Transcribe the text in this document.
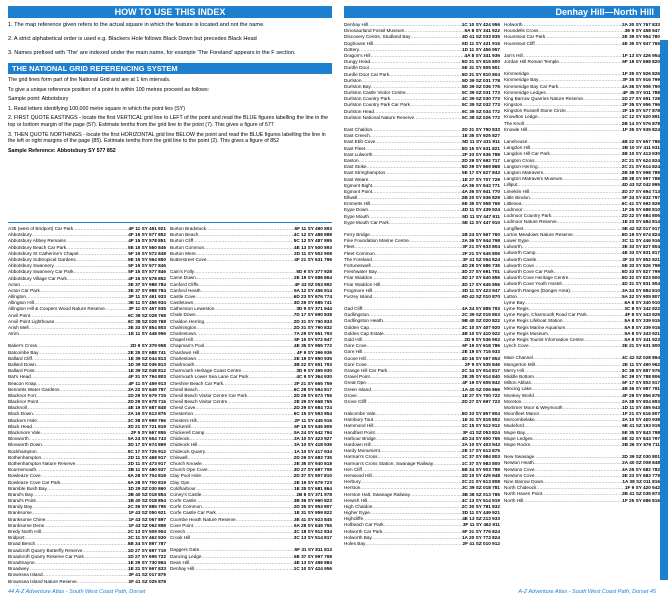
HOW TO USE THIS INDEX	Denhay Hill—North Hill
1. The map reference given refers to the actual square in which the feature is located and not the name.
2. A strict alphabetical order is used e.g. Blackers Hole follows Black Down but precedes Black Head
3. Names prefixed with 'The' are indexed under the main name, for example 'The Foreland' appears in the F section.
THE NATIONAL GRID REFERENCING SYSTEM

The grid lines form part of the National Grid and are at 1 km intervals.

To give a unique reference position of a point to within 100 metres proceed as follows:

Sample point: Abbotsbury

1. Read letters identifying 100,000 metre square in which the point lies (SY)

2. FIRST QUOTE EASTINGS - locate the first VERTICAL grid line to LEFT of the point and read the BLUE figures labelling the line in the top or bottom margin of the page (57). Estimate tenths from the grid line to the point (7). This gives a figure of 577

3. THEN QUOTE NORTHINGS - locate the first HORIZONTAL grid line BELOW the point and read the BLUE figures labelling the line in the left or right margins of the page (85). Estimate tenths from the grid line to the point (2). This gives a figure of 852

Sample Reference: Abbotsbury SY 577 852

A35 (west of Bridport) Car Park .....	4F 11 SY 451 921
Abbotsbury .....	4F 15 SY 577 852
Abbotsbury Abbey Remains .....	4F 15 SY 578 851
Abbotsbury Beach Car Park .....	5E 15 SY 560 846
Abbotsbury St Catherine's Chapel .....	5F 15 SY 572 848
Abbotsbury Subtropical Gardens .....	5E 15 SY 564 850
Abbotsbury Swannery .....	5F 15 SY 577 846
Abbotsbury Swannery Car Park .....	5F 15 SY 577 846
Abbotsbury Village Car Park .....	4F 15 SY 578 852
Acton .....	3E 37 SY 988 784
Acton Car Park .....	3E 37 SY 988 784
Allington .....	3F 11 SY 461 933
Allington Hill .....	3E 11 SY 456 934
Allington Hill & Coopers Wood Nature Reserve .....	3F 11 SY 457 935
Anvil Point .....	6C 38 SZ 028 768
Anvil Point Lighthouse .....	6C 38 SZ 028 768
Arish Mell .....	3E 33 SY 854 803
Atrim .....	1E 11 SY 448 956
Baker's Cross .....	2D 9 SY 379 958
Batcombe Bay .....	2E 25 SY 688 741
Ballard Cliff .....	1E 39 SZ 044 813
Ballard Down .....	1D 39 SZ 036 813
Ballard Point .....	1E 39 SZ 048 812
Bat's Head .....	4F 31 SY 794 803
Beacon Knap .....	4F 11 SY 459 913
Bennetts Water Gardens .....	3A 22 SY 649 797
Blacknor Fort .....	1D 29 SY 679 715
Blacknor Point .....	2D 29 SY 678 716
Blacknoll .....	4E 19 SY 687 848
Black Down .....	2A 16 SY 613 876
Blackers Hole .....	3C 38 SY 999 766
Black Head .....	3D 21 SY 721 819
Blackmore Vale .....	2F 5 SY 667 855
Bloxworth .....	5A 24 SY 654 743
Bloxworth Down .....	3D 17 SY 674 869
Bockhampton .....	5C 17 SY 725 912
Bothenhampton .....	2D 11 SY 468 917
Bothenhampton Nature Reserve .....	2D 11 SY 473 917
Bournemouth .....	3B 11 SY 480 937
Bowleaze Cove .....	6A 28 SY 704 818
Bowleaze Cove Car Park .....	6A 28 SY 700 819
Bramble Bush Bay .....	1D 29 SZ 030 860
Brand's Bay .....	2B 40 SZ 018 854
Brand's Point .....	1B 40 SZ 018 854
Brandy Bay .....	2C 36 SY 885 795
Branksome .....	1F 43 SZ 050 921
Branksome Chine .....	1F 43 SZ 067 897
Branksome Dene .....	1F 43 SZ 062 898
Bredy North Hill .....	2C 13 SY 509 904
Bridport .....	3C 11 SY 462 930
Broad Bench .....	5B 34 SY 897 787
Broadcroft Quarry Butterfly Reserve .....	1D 27 SY 697 719
Broadcroft Quarry Reserve Car Park .....	1D 27 SY 695 722
Broadmayne .....	1E 29 SY 730 864
Broadwey .....	1E 21 SY 667 833
Brownsea Island .....	3F 41 SZ 017 879
Brownsea Island Nature Reserve .....	2F 41 SZ 025 878
.....
Burton Bradstock .....	6F 11 SY 490 893
Burton Beach .....	4C 12 SY 488 888
Burton Cliff .....	5C 12 SY 487 895
Burton Common .....	4E 13 SY 500 893
Burton Mere .....	2D 11 SY 502 908
Butterstreet Cove .....	4F 21 SY 631 796
Cain's Folly .....	5D 9 SY 377 928
Came Down .....	2E 19 SY 686 864
Canford Cliffs .....	4F 43 SZ 053 892
Canford Heath .....	5A 12 SY 456 914
Castle Cove .....	6D 23 SY 676 774
Castletown .....	3D 29 SY 685 741
Catherston Leweston .....	3D 9 SY 371 944
Chale Down .....	7D 17 SY 690 838
Chaldon Herring .....	2D 31 SY 790 833
Chalmington .....	2D 31 SY 790 832
Charlestown .....	7A 29 SY 651 793
Chapel Hill .....	5F 15 SY 572 847
Chapman's Pool .....	4E 35 SY 955 772
Chardown Hill .....	4F 9 SY 396 936
Charlestown .....	2E 19 SY 890 935
Charlmouth .....	3B 22 SY 651 793
Charmouth Heritage Coast Centre .....	3D 9 SY 365 930
Charmouth Lower Sea Lane Car Park .....	4C 9 SY 364 930
Cheshire Beach Car Park .....	2F 21 SY 665 759
Chesil Beach .....	6C 28 SY 594 817
Chesil Beach Visitor Centre Car Park .....	2D 29 SY 673 755
Chesil Beach Visitor Centre .....	2E 29 SY 668 755
Chesil Cove .....	2D 29 SY 684 724
Chesterton .....	6C 15 SY 593 854
Chesters Hill .....	2F 11 SY 445 916
Chickerell .....	6F 15 SY 645 809
Chickerell Camp .....	5A 24 SY 642 794
Chideock .....	3A 10 SY 423 927
Chideock Hill .....	3A 10 SY 418 936
Chideock Quarry .....	1A 10 SY 417 934
Chiswell .....	2D 29 SY 683 735
Church Knowle .....	2E 35 SY 940 818
Church Ope Cove .....	3D 27 SY 697 709
Clay Pool Hole .....	2D 37 SY 907 810
Clay Ope .....	2E 19 SY 679 723
Coldharbour .....	1E 25 SY 681 864
Coney's Castle .....	2B 8 SY 371 978
Corfe Castle .....	3B 36 SY 960 823
Corfe Common .....	2D 35 SY 953 807
Corfe Castle Car Park .....	1E 31 SY 959 822
Coombe Heath Nature Reserve .....	3E 41 SY 923 845
Cove Point .....	6A 28 SY 649 755
Creech .....	3C 18 SY 912 834
Crook Hill .....	3C 13 SY 514 817
Daggers Gate .....	5F 31 SY 811 813
Dancing Ledge .....	6E 37 SY 997 768
Dean Hill .....	4E 13 SY 498 884
Denhay Hill .....	1C 10 SY 424 956
Denhay Hill .....	1C 10 SY 424 956
Dinosaurland Fossil Museum .....	5A 8 SY 341 922
Discovery Centre, Studland Bay .....	4D 41 SZ 033 835
Doghouse Hill .....	5D 11 SY 431 915
Dottery .....	1D 11 SY 456 957
Dragon's Hill .....	4A 8 SY 341 936
Dungy Head .....	5D 31 SY 815 800
Durdle Door .....	5E 31 SY 805 801
Durdle Door Car Park .....	5D 31 SY 810 804
Durlston .....	5D 39 SZ 031 778
Durlston Bay .....	5D 39 SZ 036 776
Durlston Castle Visitor Centre .....	5C 39 SZ 031 773
Durlston Country Park .....	4C 39 SZ 030 773
Durlston Country Park Car Park .....	5C 39 SZ 032 773
Durlston Head .....	6C 39 SZ 034 772
Durlston National Nature Reserve .....	5C 38 SZ 026 772
East Chaldon .....	2D 31 SY 790 833
East Creech .....	1E 35 SY 925 827
East Ebb Cove .....	5D 11 SY 431 911
East Fleet .....	5D 15 SY 631 821
East Lulworth .....	2F 33 SY 636 788
Easton .....	2D 29 SY 692 717
East Stoke .....	5D 39 SY 869 868
East Stringhampton .....	5E 17 SY 627 843
East Weare .....	1E 27 SY 707 729
Egmont Bight .....	4A 36 SY 943 771
Egmont Point .....	4A 36 SY 941 770
Ellwell .....	2B 20 SY 636 829
Emmetts Hill .....	6E 35 SY 958 769
Eype Down .....	4D 11 SY 439 924
Eype Mouth .....	5D 11 SY 447 911
Eype Mouth Car Park .....	5E 11 SY 447 910
Ferry Bridge .....	1B 24 SY 667 760
Fine Foundation Marine Centre .....	2A 36 SY 944 798
Fleet .....	3F 21 SY 633 804
Fleet Common .....	2F 21 SY 645 806
The Foreland .....	3F 41 SZ 054 824
Fortuneswell .....	4D 29 SY 686 735
Freshwater Bay .....	3D 27 SY 691 701
Friar Waddon .....	3D 17 SY 640 855
Friar Waddon Hill .....	3D 17 SY 645 856
Frogmore Hill .....	3D 11 SY 423 947
Furzey Island .....	6D 42 SZ 010 870
Gad Cliff .....	4A 34 SY 885 793
Godlingston .....	2C 39 SZ 015 803
Godlingston Heath .....	5B 40 SZ 020 822
Golden Cap .....	3C 10 SY 407 920
Golden Cap Estate .....	4B 10 SY 410 922
Gold Hill .....	2D 9 SY 536 902
Gore Cove .....	6F 19 SY 618 786
Gore Hill .....	2E 19 SY 715 933
Goose Hill .....	4D 16 SY 597 853
Gore Cove .....	2F 9 SY 535 846
Grange Hill Car Park .....	2C 34 SY 914 817
Gravel Point .....	2E 35 SY 914 840
Great Ope .....	4F 19 SY 605 842
Green Island .....	1A 40 SZ 006 866
Grove .....	1E 27 SY 700 722
Grove Cliff .....	2D 27 SY 697 723
Halcombe Vale .....	5D 33 SY 857 804
Hambury Tout .....	1E 31 SY 815 802
Hammond Hill .....	1C 15 SY 512 912
Handfast Point .....	3F 41 SZ 053 824
Harbour Bridge .....	4D 24 SY 600 765
Hardown Hill .....	2A 10 SY 403 943
Hardy Monument .....	2E 17 SY 613 875
Harman's Cross .....	1C 37 SY 984 803
Harman's Cross Station, Swanage Railway .....	1C 37 SY 983 800
Hen Cliff .....	5B 34 SY 903 788
Henwood Hill .....	1D 10 SY 425 948
Herbury .....	2C 21 SY 613 808
Herston .....	3C 39 SZ 018 781
Herston Halt, Swanage Railway .....	3B 38 SZ 013 785
Hewish Hill .....	4C 13 SY 514 919
High Chaldon .....	2C 30 SY 781 832
Higher Eype .....	3D 11 SY 449 921
Highcliffe .....	4E 13 SZ 213 933
Holbeach Car Park .....	3F 11 SY 462 911
Holworth Car Park .....	6F 31 SY 776 824
Holworth Bay .....	1A 20 SY 773 824
Holes Bay .....	2F 41 SZ 010 912
Holworth .....	2A 30 SY 767 833
Houndells Cross .....	3E 9 SY 458 947
Hounstout Car Park .....	2E 39 SY 954 780
Hounstout Cliff .....	4E 35 SY 947 765
Jan's Hill .....	1F 13 SY 426 954
Jordan Hill Roman Temple .....	6F 19 SY 698 820
Kimmeridge .....	1F 35 SY 926 826
Kimmeridge Bay .....	3F 35 SY 916 799
Kimmeridge Bay Car Park .....	4A 36 SY 906 790
Kimmeridge Ledges .....	4F 35 SY 911 788
King Barrow Quarries Nature Reserve .....	1D 27 SY 691 728
Kingston .....	2F 35 SY 956 796
Kingston Russell Stone Circle .....	2F 15 SY 577 878
Knowlton Ledge .....	1C 12 SY 520 891
The Knoll .....	2B 14 SY 576 878
Knowle Hill .....	1F 35 SY 935 824
Lanehouse .....	4B 22 SY 657 786
Langdon Hill .....	3B 10 SY 411 931
Langdon Hill Car Park .....	3B 10 SY 413 930
Langton Cross .....	2C 21 SY 624 824
Langton Herring .....	2C 21 SY 614 824
Langton Matravers .....	2B 38 SY 998 789
Langton Matravers Museum .....	3B 38 SY 997 788
Lilliput .....	4D 43 SZ 042 895
Limekiln Hill .....	3D 27 SY 694 713
Little Bindon .....	5F 33 SY 832 797
Littlesea .....	6C 41 SY 692 829
Lodmoor .....	1F 25 SY 688 810
Lodmoor Country Park .....	2D 22 SY 684 806
Lodmoor Nature Reserve .....	1E 23 SY 684 814
Longfleet .....	5E 42 SZ 017 917
Lorton Meadows Nature Reserve .....	6D 19 SY 674 824
Lower Eype .....	3C 11 SY 446 916
Lulworth .....	3E 33 SY 827 804
Lulworth Camp .....	4E 33 SY 831 817
Lulworth Castle .....	3F 33 SY 852 821
Lulworth Cove .....	5E 33 SY 826 799
Lulworth Cove Car Park .....	5D 33 SY 827 799
Lulworth Cove Heritage Centre .....	5D 32 SY 823 800
Lulworth Cove Youth Hostel .....	4D 31 SY 831 804
Lulworth Ranges (Danger Area) .....	3A 34 SY 884 810
Lutton .....	5A 32 SY 905 807
Lyme Bay .....	6A 8 SY 340 910
Lyme Regis .....	3C 8 SY 342 922
Lyme Regis, Charmouth Road Car Park .....	4F 8 SY 343 925
Lyme Regis Lifeboat Station .....	5A 8 SY 339 915
Lyme Regis Marine Aquarium .....	5A 8 SY 339 915
Lyme Regis Museum .....	5A 8 SY 343 921
Lyme Regis Tourist Information Centre .....	5A 8 SY 341 923
Lynch Cove .....	3E 21 SY 631 800
Main Channel .....	4C 42 SZ 028 894
Mangerton Mill .....	2E 11 SY 490 962
Merry Hill .....	3C 38 SY 887 976
Middle Bottom .....	5C 39 SY 788 806
Milton Abbas .....	6F 17 SY 802 917
Mincing Lake .....	4B 36 SY 987 791
Monkey World .....	4F 29 SY 856 876
Moreton .....	2A 38 SY 804 893
Mortimer Moor & Weymouth .....	1D 11 SY 455 943
Moonfleet Manor .....	1F 21 SY 616 807
Morcombelake .....	3A 10 SY 400 938
Mudeford .....	6E 41 SZ 193 919
Mupe Bay .....	5E 35 SY 843 798
Mupe Ledges .....	6E 32 SY 843 797
Mupe Rocks .....	2B 26 SY 676 711
New Swanage .....	2D 39 SZ 030 801
Newton Heath .....	2A 40 SZ 008 848
Newtons Cove .....	4A 26 SY 682 782
Newtons Cove .....	3E 23 SY 683 779
Nine Barrow Down .....	1A 38 SZ 011 816
North Chideock .....	1F 9 SY 420 942
North Haven Point .....	2B 41 SZ 035 873
North Hill .....	1F 25 SY 686 816
44 A-Z Adventure Atlas - South West Coast Path, Dorset	A-Z Adventure Atlas - South West Coast Path, Dorset 45
